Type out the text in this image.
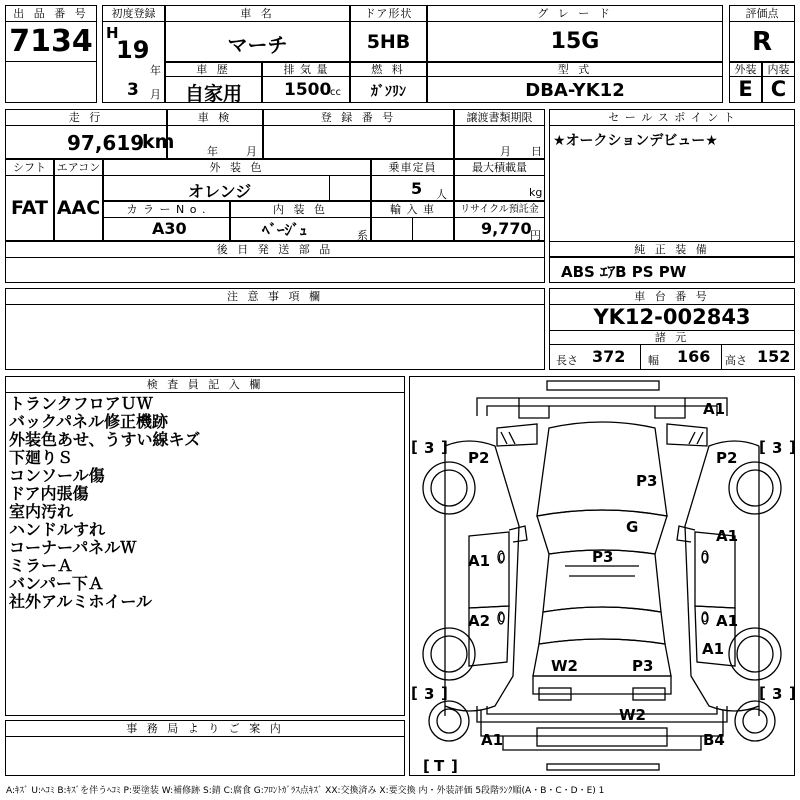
出 品 番 号
7134
初度登録
H
19
年
3 月
車 名
マーチ
ドア形状
5HB
グ レ ー ド
15G
評価点
R
車 歴
自家用
排 気 量
1500
cc
燃 料
ｶﾞｿﾘﾝ
型 式
DBA-YK12
外装
E
内装
C
走 行
97,619
km
車 検
年	月
登 録 番 号	譲渡書類期限
月 日
セ ー ル ス ポ イ ン ト
★オークションデビュー★
シフト
FAT
エアコン
AAC
外 装 色
オレンジ
乗車定員
5 人
最大積載量
kg
カ ラ ー N o .
A30
内 装 色
ﾍﾞｰｼﾞｭ	系
輸 入 車	リサイクル預託金
9,770
円
後 日 発 送 部 品	純 正 装 備
ABS ｴｱB PS PW
注 意 事 項 欄	車 台 番 号
YK12-002843
諸 元
長さ 372 幅 166 高さ 152
検 査 員 記 入 欄
トランクフロアＵＷ
バックパネル修正機跡
外装色あせ、うすい線キズ
下廻りＳ
コンソール傷
ドア内張傷
室内汚れ
ハンドルすれ
コーナーパネルＷ
ミラーＡ
バンパー下Ａ
社外アルミホイール
事 務 局 よ り ご 案 内
[ ]	[ ]
[ ]	[ ]
[ ]
3	3
3	3
T
A1
P2	P2
P3
G
P3
A1
A1
A2	A1
A1
W2	P3
W2
A1	B4
0
0
0
0
A:ｷｽﾞ U:ﾍｺﾐ B:ｷｽﾞを伴うﾍｺﾐ P:要塗装 W:補修跡 S:錆 C:腐食 G:ﾌﾛﾝﾄｶﾞﾗｽ点ｷｽﾞ XX:交換済み X:要交換 内・外装評価 5段階ﾗﾝｸ順(A・B・C・D・E) 1
